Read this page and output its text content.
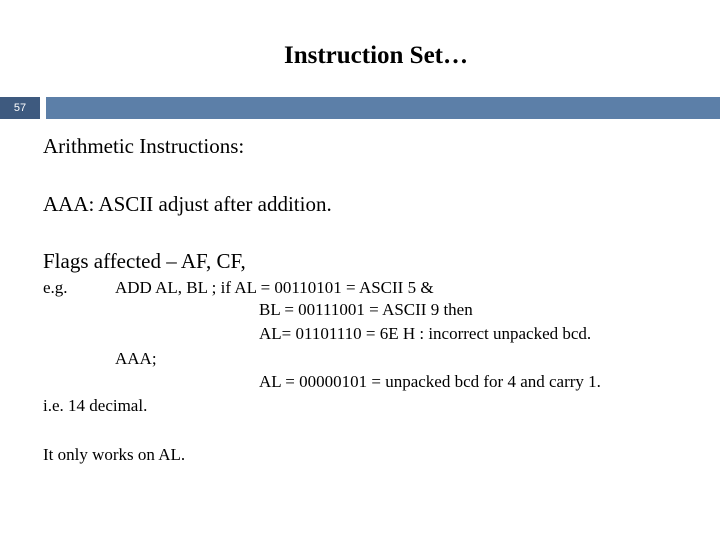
Instruction Set…
57
Arithmetic Instructions:
AAA: ASCII adjust after addition.
Flags affected – AF, CF,
e.g.	ADD AL, BL ; if AL = 00110101 = ASCII 5 &
BL = 00111001 = ASCII 9 then
AL= 01101110 = 6E H : incorrect unpacked bcd.
AAA;
AL = 00000101 = unpacked bcd for 4 and carry 1.
i.e. 14 decimal.
It only works on AL.
